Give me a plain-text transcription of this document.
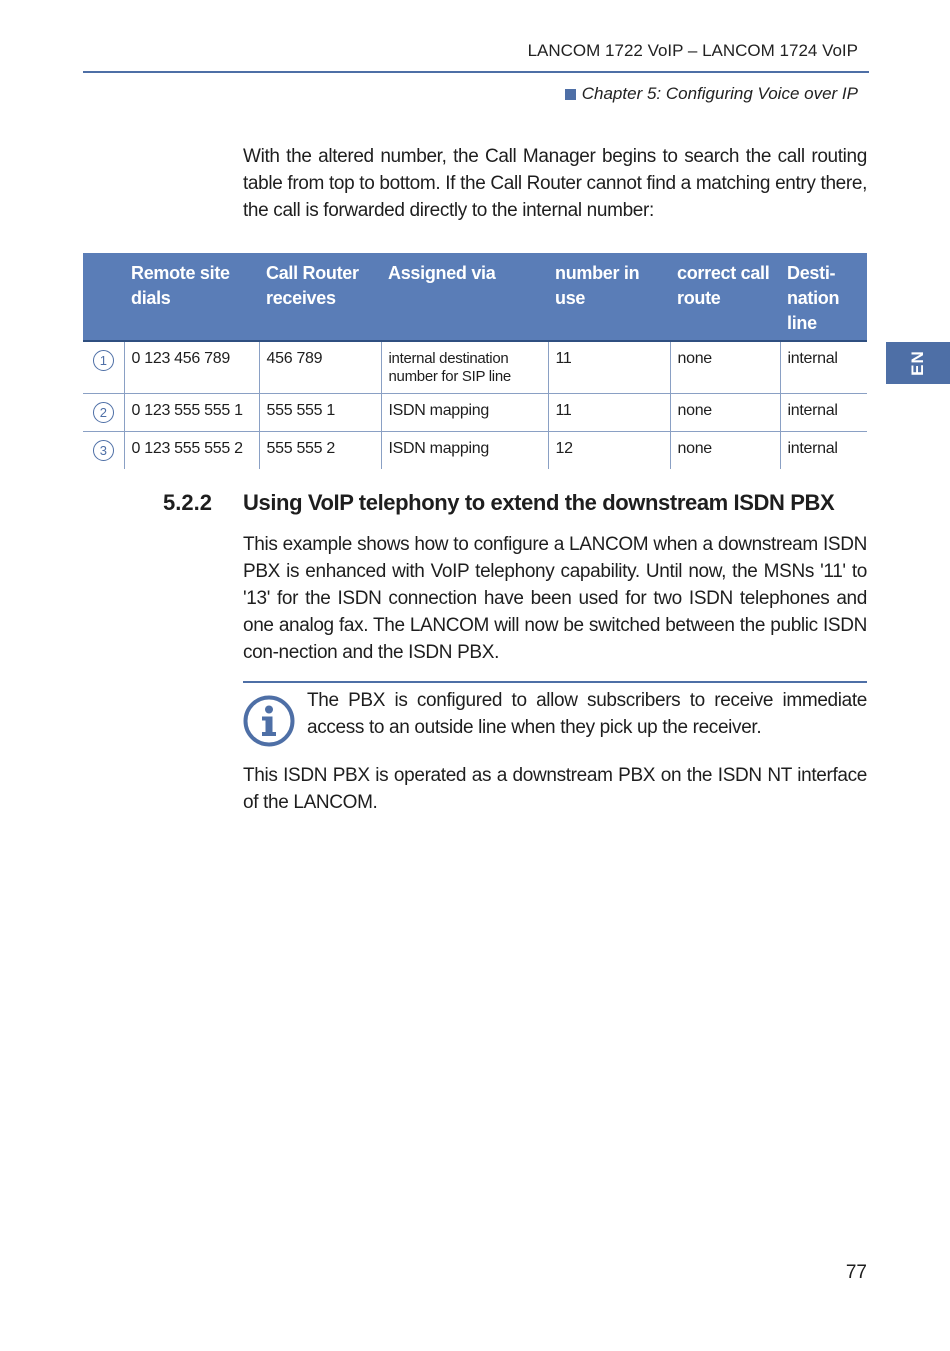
LANCOM 1722 VoIP – LANCOM 1724 VoIP
Chapter 5: Configuring Voice over IP
With the altered number, the Call Manager begins to search the call routing table from top to bottom. If the Call Router cannot find a matching entry there, the call is forwarded directly to the internal number:
	Remote site dials	Call Router receives	Assigned via	number in use	correct call route	Desti-nation line
1	0 123 456 789	456 789	internal destination number for SIP line	11	none	internal
2	0 123 555 555 1	555 555 1	ISDN mapping	11	none	internal
3	0 123 555 555 2	555 555 2	ISDN mapping	12	none	internal
5.2.2 Using VoIP telephony to extend the downstream ISDN PBX
This example shows how to configure a LANCOM when a downstream ISDN PBX is enhanced with VoIP telephony capability. Until now, the MSNs '11' to '13' for the ISDN connection have been used for two ISDN telephones and one analog fax. The LANCOM will now be switched between the public ISDN con-nection and the ISDN PBX.
The PBX is configured to allow subscribers to receive immediate access to an outside line when they pick up the receiver.
This ISDN PBX is operated as a downstream PBX on the ISDN NT interface of the LANCOM.
77
EN
